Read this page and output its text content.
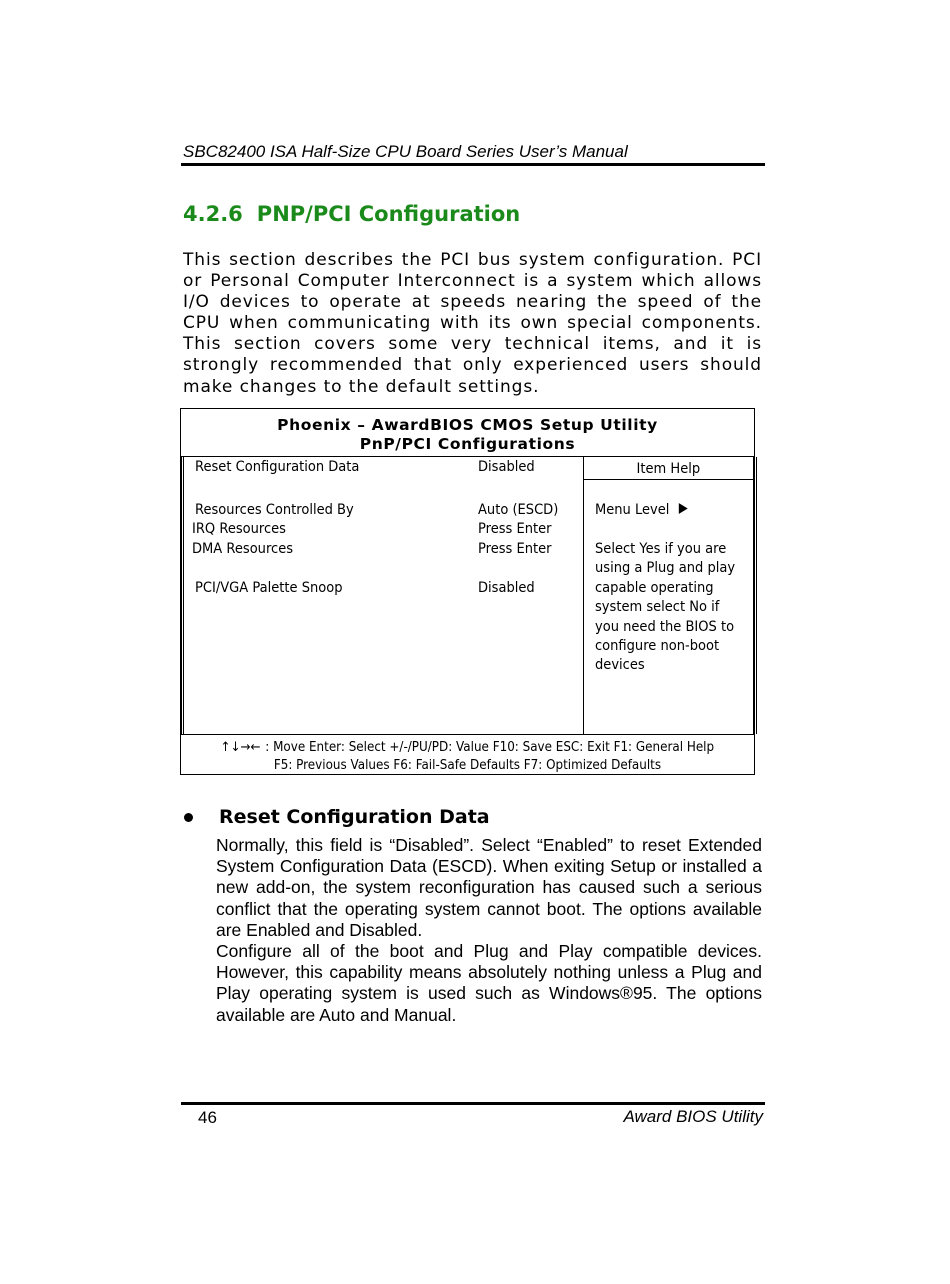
SBC82400 ISA Half-Size CPU Board Series User’s Manual
4.2.6 PNP/PCI Configuration
This section describes the PCI bus system configuration. PCI or Personal Computer Interconnect is a system which allows I/O devices to operate at speeds nearing the speed of the CPU when communicating with its own special components. This section covers some very technical items, and it is strongly recommended that only experienced users should make changes to the default settings.
Phoenix – AwardBIOS CMOS Setup Utility
PnP/PCI Configurations
Reset Configuration Data	Disabled
Resources Controlled By	Auto (ESCD)
IRQ Resources	Press Enter
DMA Resources	Press Enter
PCI/VGA Palette Snoop	Disabled
Item Help
Menu Level
Select Yes if you are
using a Plug and play
capable operating
system select No if
you need the BIOS to
configure non-boot
devices
↑↓→← : Move Enter: Select +/-/PU/PD: Value F10: Save ESC: Exit F1: General Help
F5: Previous Values F6: Fail-Safe Defaults F7: Optimized Defaults
Reset Configuration Data
Normally, this field is “Disabled”. Select “Enabled” to reset Extended System Configuration Data (ESCD). When exiting Setup or installed a new add-on, the system reconfiguration has caused such a serious conflict that the operating system cannot boot. The options available are Enabled and Disabled.
Configure all of the boot and Plug and Play compatible devices. However, this capability means absolutely nothing unless a Plug and Play operating system is used such as Windows®95. The options available are Auto and Manual.
46	Award BIOS Utility
